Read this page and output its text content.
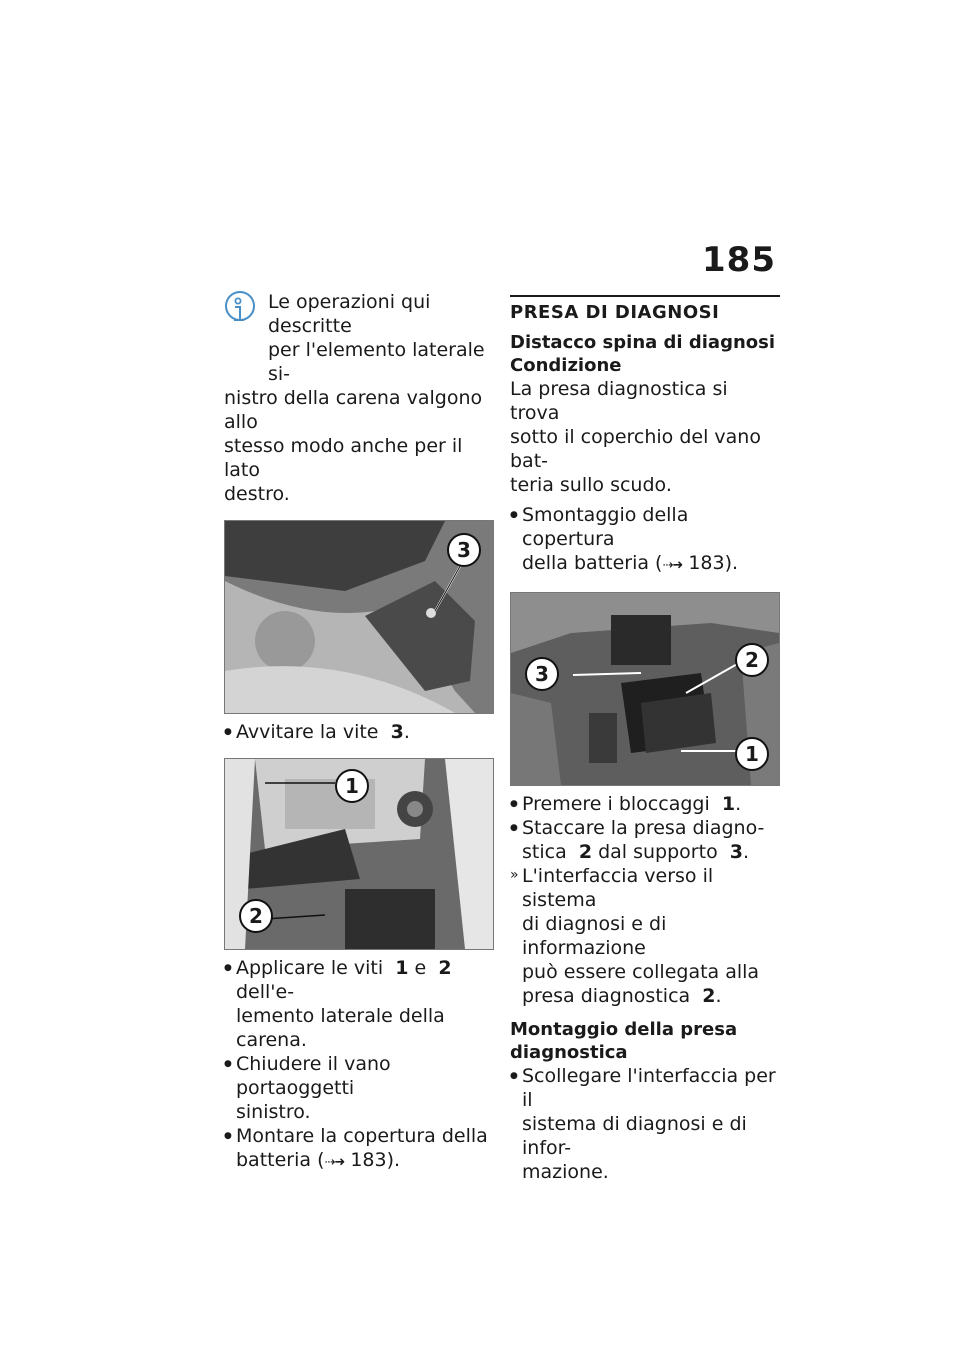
185
Le operazioni qui descritte
per l'elemento laterale si-
nistro della carena valgono allo
stesso modo anche per il lato
destro.
3

● Avvitare la vite 3.

1
2

● Applicare le viti 1 e 2 dell'e-
lemento laterale della carena.

● Chiudere il vano portaoggetti
sinistro.

● Montare la copertura della
batteria (⇢➜ 183).

PRESA DI DIAGNOSI

Distacco spina di diagnosi

Condizione

La presa diagnostica si trova
sotto il coperchio del vano bat-
teria sullo scudo.

● Smontaggio della copertura
della batteria (⇢➜ 183).

3
2
1

● Premere i bloccaggi 1.

● Staccare la presa diagno-
stica 2 dal supporto 3.

» L'interfaccia verso il sistema
di diagnosi e di informazione
può essere collegata alla
presa diagnostica 2.

Montaggio della presa
diagnostica

● Scollegare l'interfaccia per il
sistema di diagnosi e di infor-
mazione.
